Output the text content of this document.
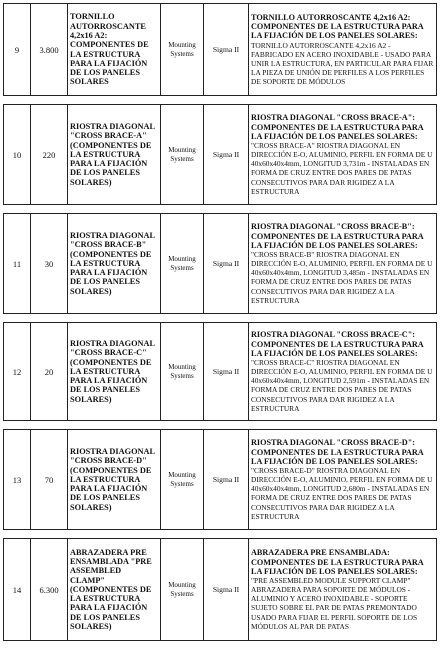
9	3.800	TORNILLO AUTORROSCANTE 4,2x16 A2: COMPONENTES DE LA ESTRUCTURA PARA LA FIJACIÓN DE LOS PANELES SOLARES	Mounting Systems	Sigma II	TORNILLO AUTORROSCANTE 4,2x16 A2: COMPONENTES DE LA ESTRUCTURA PARA LA FIJACIÓN DE LOS PANELES SOLARES:
TORNILLO AUTORROSCANTE 4,2x16 A2 - FABRICADO EN ACERO INOXIDABLE - USADO PARA UNIR LA ESTRUCTURA, EN PARTICULAR PARA FIJAR LA PIEZA DE UNIÓN DE PERFILES A LOS PERFILES DE SOPORTE DE MÓDULOS

10	220	RIOSTRA DIAGONAL "CROSS BRACE-A" (COMPONENTES DE LA ESTRUCTURA PARA LA FIJACIÓN DE LOS PANELES SOLARES)	Mounting Systems	Sigma II	RIOSTRA DIAGONAL "CROSS BRACE-A": COMPONENTES DE LA ESTRUCTURA PARA LA FIJACIÓN DE LOS PANELES SOLARES:
"CROSS BRACE-A" RIOSTRA DIAGONAL EN DIRECCIÓN E-O, ALUMINIO, PERFIL EN FORMA DE U 40x60x40x4mm, LONGITUD 3,731m - INSTALADAS EN FORMA DE CRUZ ENTRE DOS PARES DE PATAS CONSECUTIVOS PARA DAR RIGIDEZ A LA ESTRUCTURA

11	30	RIOSTRA DIAGONAL "CROSS BRACE-B" (COMPONENTES DE LA ESTRUCTURA PARA LA FIJACIÓN DE LOS PANELES SOLARES)	Mounting Systems	Sigma II	RIOSTRA DIAGONAL "CROSS BRACE-B": COMPONENTES DE LA ESTRUCTURA PARA LA FIJACIÓN DE LOS PANELES SOLARES:
"CROSS BRACE-B" RIOSTRA DIAGONAL EN DIRECCIÓN E-O, ALUMINIO, PERFIL EN FORMA DE U 40x60x40x4mm, LONGITUD 3,485m - INSTALADAS EN FORMA DE CRUZ ENTRE DOS PARES DE PATAS CONSECUTIVOS PARA DAR RIGIDEZ A LA ESTRUCTURA

12	20	RIOSTRA DIAGONAL "CROSS BRACE-C" (COMPONENTES DE LA ESTRUCTURA PARA LA FIJACIÓN DE LOS PANELES SOLARES)	Mounting Systems	Sigma II	RIOSTRA DIAGONAL "CROSS BRACE-C": COMPONENTES DE LA ESTRUCTURA PARA LA FIJACIÓN DE LOS PANELES SOLARES:
"CROSS BRACE-C" RIOSTRA DIAGONAL EN DIRECCIÓN E-O, ALUMINIO, PERFIL EN FORMA DE U 40x60x40x4mm, LONGITUD 2,591m - INSTALADAS EN FORMA DE CRUZ ENTRE DOS PARES DE PATAS CONSECUTIVOS PARA DAR RIGIDEZ A LA ESTRUCTURA

13	70	RIOSTRA DIAGONAL "CROSS BRACE-D" (COMPONENTES DE LA ESTRUCTURA PARA LA FIJACIÓN DE LOS PANELES SOLARES)	Mounting Systems	Sigma II	RIOSTRA DIAGONAL "CROSS BRACE-D": COMPONENTES DE LA ESTRUCTURA PARA LA FIJACIÓN DE LOS PANELES SOLARES:
"CROSS BRACE-D" RIOSTRA DIAGONAL EN DIRECCIÓN E-O, ALUMINIO, PERFIL EN FORMA DE U 40x60x40x4mm, LONGITUD 2,680m - INSTALADAS EN FORMA DE CRUZ ENTRE DOS PARES DE PATAS CONSECUTIVOS PARA DAR RIGIDEZ A LA ESTRUCTURA

14	6.300	ABRAZADERA PRE ENSAMBLADA "PRE ASSEMBLED CLAMP" (COMPONENTES DE LA ESTRUCTURA PARA LA FIJACIÓN DE LOS PANELES SOLARES)	Mounting Systems	Sigma II	ABRAZADERA PRE ENSAMBLADA: COMPONENTES DE LA ESTRUCTURA PARA LA FIJACIÓN DE LOS PANELES SOLARES:
"PRE ASSEMBLED MODULE SUPPORT CLAMP" ABRAZADERA PARA SOPORTE DE MÓDULOS - ALUMINIO Y ACERO INOXIDABLE - SOPORTE SUJETO SOBRE EL PAR DE PATAS PREMONTADO USADO PARA FIJAR EL PERFIL SOPORTE DE LOS MÓDULOS AL PAR DE PATAS
